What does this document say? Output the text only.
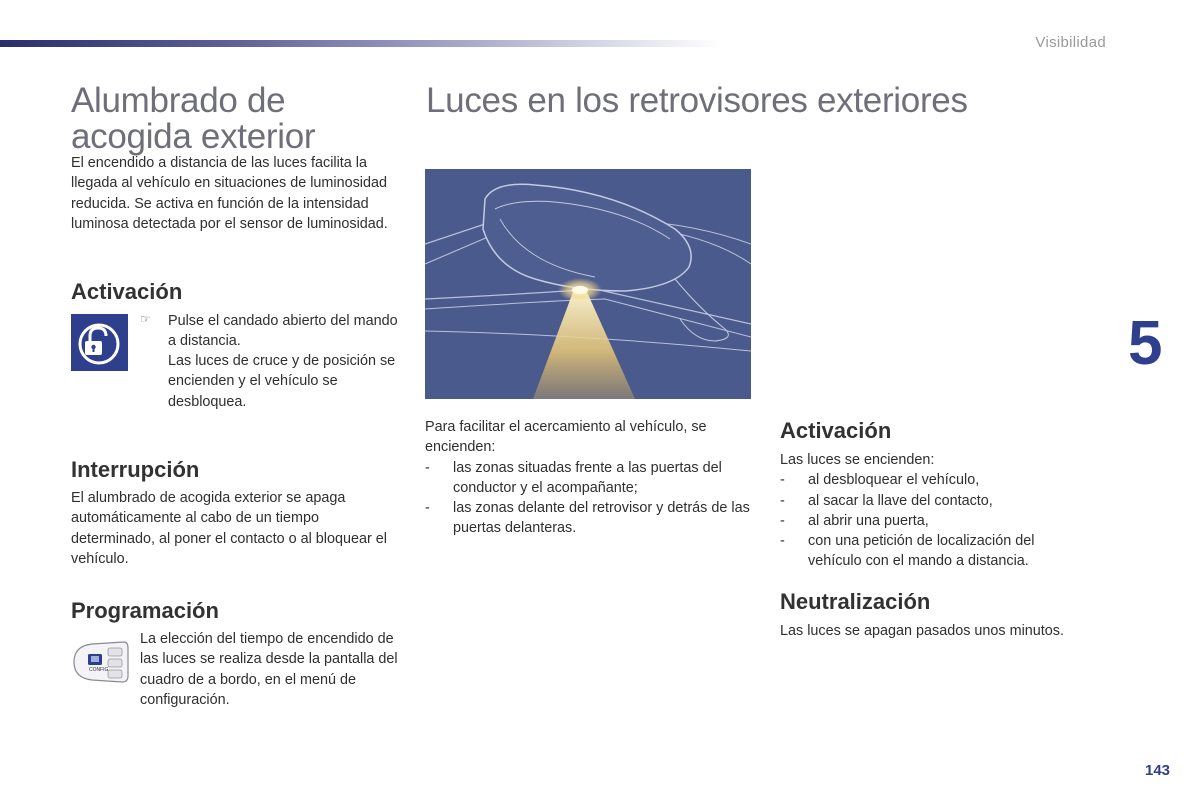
Visibilidad
Alumbrado de acogida exterior

El encendido a distancia de las luces facilita la llegada al vehículo en situaciones de luminosidad reducida. Se activa en función de la intensidad luminosa detectada por el sensor de luminosidad.

Activación
☞ Pulse el candado abierto del mando a distancia.

Las luces de cruce y de posición se encienden y el vehículo se desbloquea.

Interrupción

El alumbrado de acogida exterior se apaga automáticamente al cabo de un tiempo determinado, al poner el contacto o al bloquear el vehículo.

Programación
CONFIG

La elección del tiempo de encendido de las luces se realiza desde la pantalla del cuadro de a bordo, en el menú de configuración.

Luces en los retrovisores exteriores
Para facilitar el acercamiento al vehículo, se encienden:
- las zonas situadas frente a las puertas del conductor y el acompañante;
- las zonas delante del retrovisor y detrás de las puertas delanteras.
Activación
Las luces se encienden:
- al desbloquear el vehículo,
- al sacar la llave del contacto,
- al abrir una puerta,
- con una petición de localización del vehículo con el mando a distancia.
Neutralización

Las luces se apagan pasados unos minutos.

5
143
